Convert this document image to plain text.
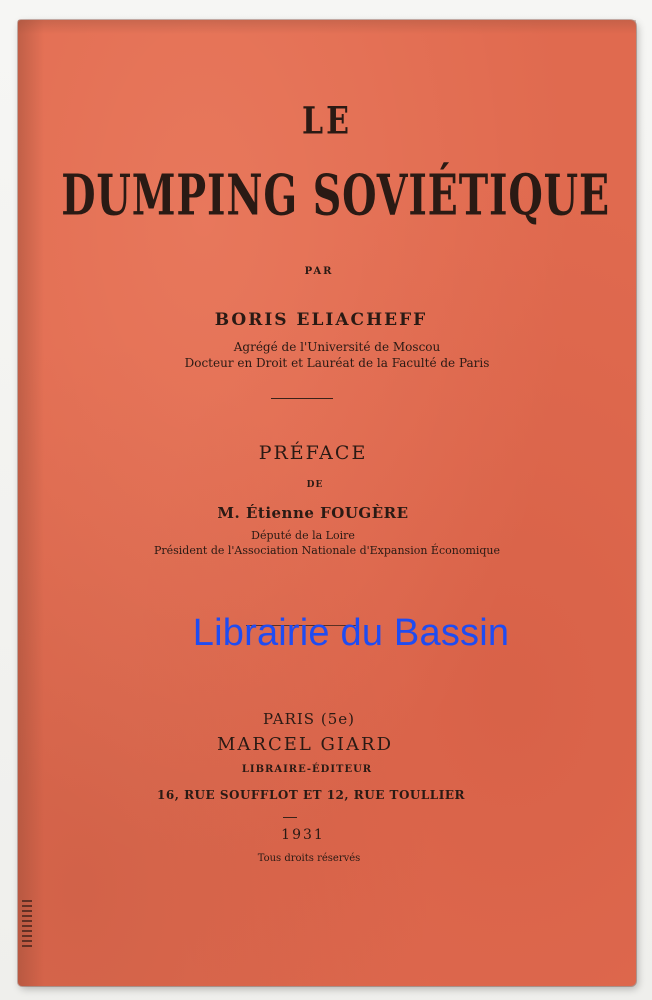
LE
DUMPING SOVIÉTIQUE
PAR
BORIS ELIACHEFF
Agrégé de l'Université de Moscou
Docteur en Droit et Lauréat de la Faculté de Paris
PRÉFACE
DE
M. Étienne FOUGÈRE
Député de la Loire
Président de l'Association Nationale d'Expansion Économique
Librairie du Bassin
PARIS (5e)
MARCEL GIARD
LIBRAIRE-ÉDITEUR
16, RUE SOUFFLOT ET 12, RUE TOULLIER
1931
Tous droits réservés
